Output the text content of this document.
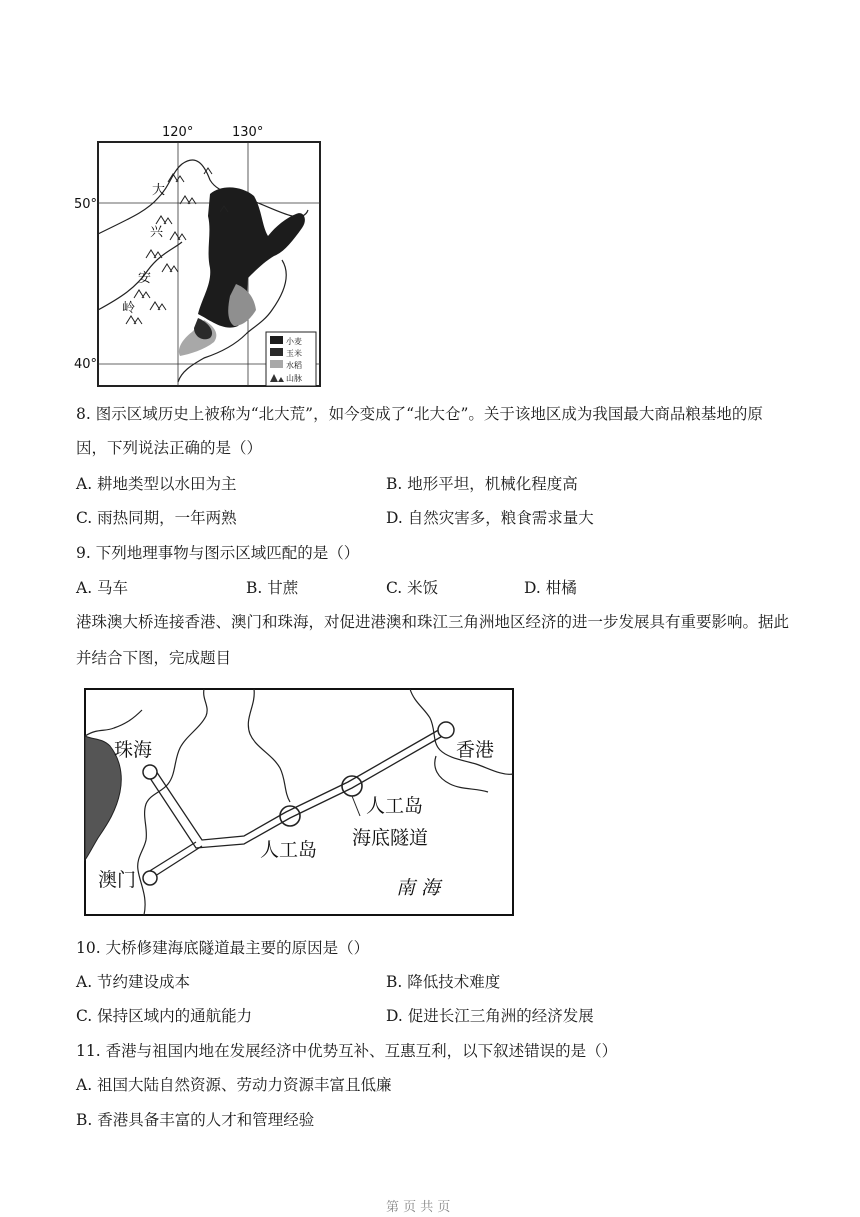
120°	130°
50°
40°
大
兴
安
岭
小麦
玉米
水稻
山脉
8. 图示区域历史上被称为“北大荒”，如今变成了“北大仓”。关于该地区成为我国最大商品粮基地的原
因，下列说法正确的是（）
A. 耕地类型以水田为主	B. 地形平坦，机械化程度高
C. 雨热同期，一年两熟	D. 自然灾害多，粮食需求量大
9. 下列地理事物与图示区域匹配的是（）
A. 马车	B. 甘蔗	C. 米饭	D. 柑橘
港珠澳大桥连接香港、澳门和珠海，对促进港澳和珠江三角洲地区经济的进一步发展具有重要影响。据此
并结合下图，完成题目
珠海
澳门
香港
人工岛
人工岛
海底隧道
南 海
10. 大桥修建海底隧道最主要的原因是（）
A. 节约建设成本	B. 降低技术难度
C. 保持区域内的通航能力	D. 促进长江三角洲的经济发展
11. 香港与祖国内地在发展经济中优势互补、互惠互利，以下叙述错误的是（）
A. 祖国大陆自然资源、劳动力资源丰富且低廉
B. 香港具备丰富的人才和管理经验
第 页 共 页
